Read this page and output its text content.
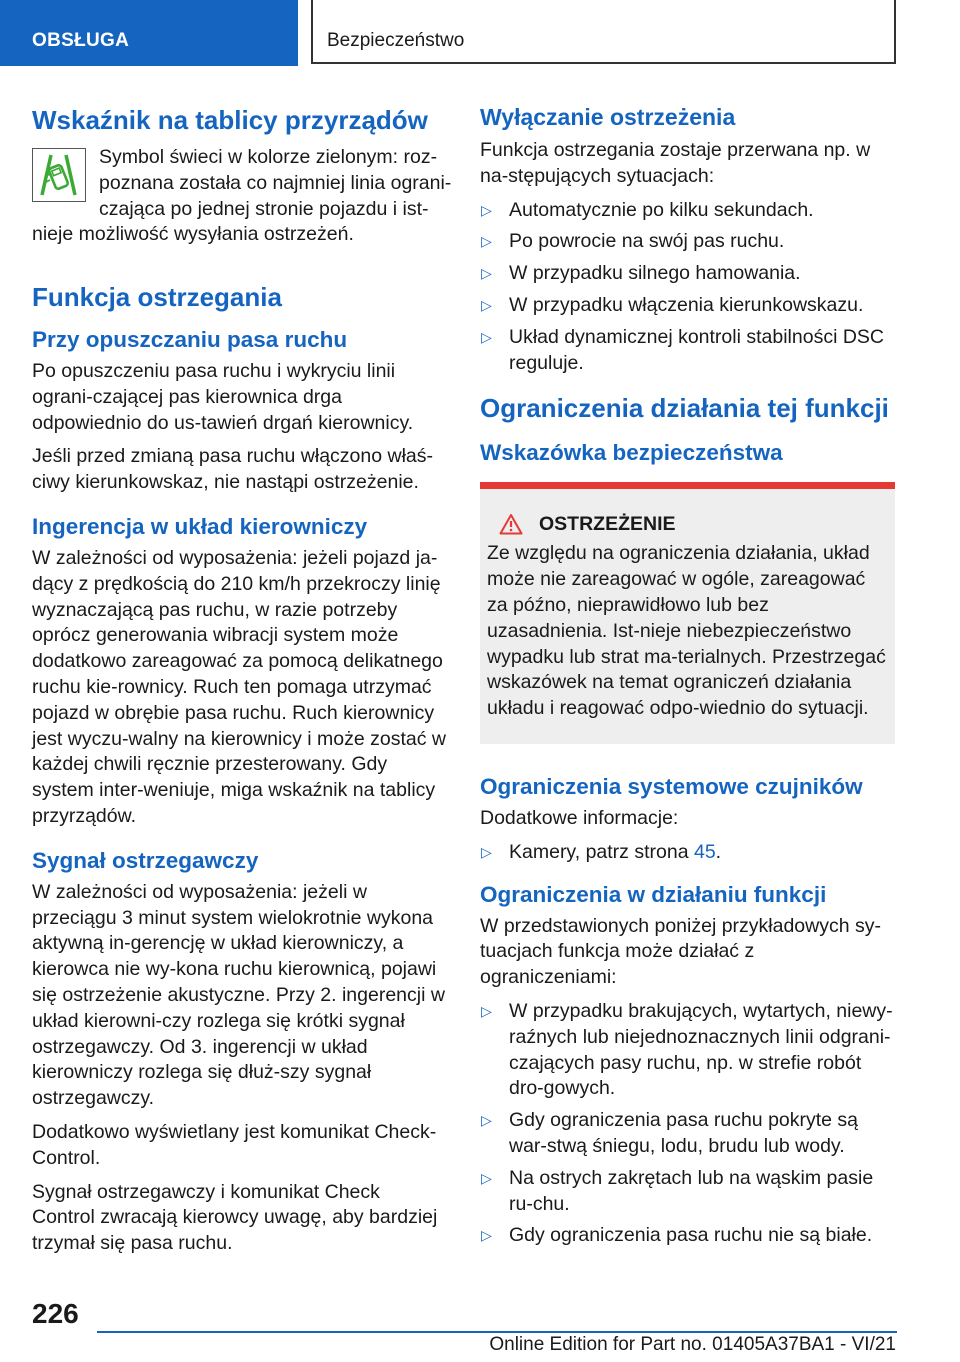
OBSŁUGA	Bezpieczeństwo
Wskaźnik na tablicy przyrządów
Symbol świeci w kolorze zielonym: roz-
poznana została co najmniej linia ograni-
czająca po jednej stronie pojazdu i ist-
nieje możliwość wysyłania ostrzeżeń.
Funkcja ostrzegania
Przy opuszczaniu pasa ruchu

Po opuszczeniu pasa ruchu i wykryciu linii ograni-czającej pas kierownica drga odpowiednio do us-tawień drgań kierownicy.

Jeśli przed zmianą pasa ruchu włączono właś-ciwy kierunkowskaz, nie nastąpi ostrzeżenie.

Ingerencja w układ kierowniczy

W zależności od wyposażenia: jeżeli pojazd ja-dący z prędkością do 210 km/h przekroczy linię wyznaczającą pas ruchu, w razie potrzeby oprócz generowania wibracji system może dodatkowo zareagować za pomocą delikatnego ruchu kie-rownicy. Ruch ten pomaga utrzymać pojazd w obrębie pasa ruchu. Ruch kierownicy jest wyczu-walny na kierownicy i może zostać w każdej chwili ręcznie przesterowany. Gdy system inter-weniuje, miga wskaźnik na tablicy przyrządów.

Sygnał ostrzegawczy

W zależności od wyposażenia: jeżeli w przeciągu 3 minut system wielokrotnie wykona aktywną in-gerencję w układ kierowniczy, a kierowca nie wy-kona ruchu kierownicą, pojawi się ostrzeżenie akustyczne. Przy 2. ingerencji w układ kierowni-czy rozlega się krótki sygnał ostrzegawczy. Od 3. ingerencji w układ kierowniczy rozlega się dłuż-szy sygnał ostrzegawczy.

Dodatkowo wyświetlany jest komunikat Check-Control.

Sygnał ostrzegawczy i komunikat Check Control zwracają kierowcy uwagę, aby bardziej trzymał się pasa ruchu.

Wyłączanie ostrzeżenia

Funkcja ostrzegania zostaje przerwana np. w na-stępujących sytuacjach:

▷ Automatycznie po kilku sekundach.
▷ Po powrocie na swój pas ruchu.
▷ W przypadku silnego hamowania.
▷ W przypadku włączenia kierunkowskazu.
▷ Układ dynamicznej kontroli stabilności DSC reguluje.
Ograniczenia działania tej funkcji
Wskazówka bezpieczeństwa
OSTRZEŻENIE

Ze względu na ograniczenia działania, układ może nie zareagować w ogóle, zareagować za późno, nieprawidłowo lub bez uzasadnienia. Ist-nieje niebezpieczeństwo wypadku lub strat ma-terialnych. Przestrzegać wskazówek na temat ograniczeń działania układu i reagować odpo-wiednio do sytuacji.

Ograniczenia systemowe czujników

Dodatkowe informacje:

▷ Kamery, patrz strona 45.
Ograniczenia w działaniu funkcji

W przedstawionych poniżej przykładowych sy-tuacjach funkcja może działać z ograniczeniami:

▷ W przypadku brakujących, wytartych, niewy-raźnych lub niejednoznacznych linii odgrani-czających pasy ruchu, np. w strefie robót dro-gowych.
▷ Gdy ograniczenia pasa ruchu pokryte są war-stwą śniegu, lodu, brudu lub wody.
▷ Na ostrych zakrętach lub na wąskim pasie ru-chu.
▷ Gdy ograniczenia pasa ruchu nie są białe.
226
Online Edition for Part no. 01405A37BA1 - VI/21
